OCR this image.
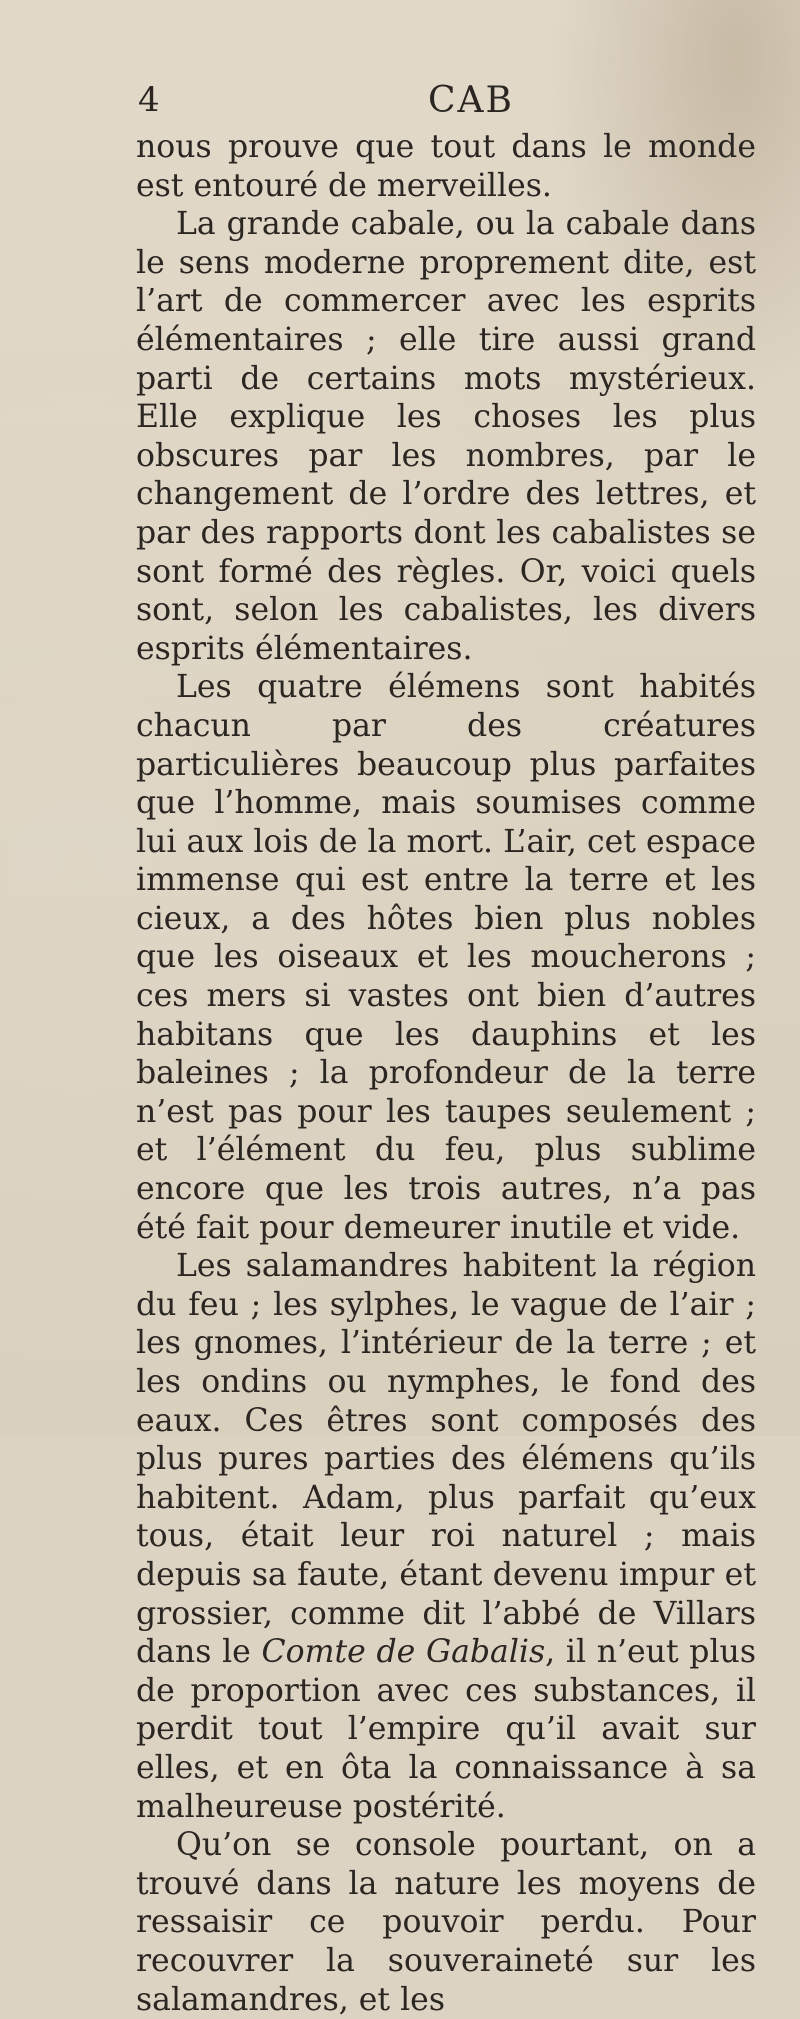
4	CAB

nous prouve que tout dans le monde est entouré de merveilles.

La grande cabale, ou la cabale dans le sens moderne proprement dite, est l’art de commercer avec les esprits élémentaires ; elle tire aussi grand parti de certains mots mystérieux. Elle explique les choses les plus obscures par les nombres, par le changement de l’ordre des lettres, et par des rapports dont les cabalistes se sont formé des règles. Or, voici quels sont, selon les cabalistes, les divers esprits élémentaires.

Les quatre élémens sont habités chacun par des créatures particulières beaucoup plus parfaites que l’homme, mais soumises comme lui aux lois de la mort. L’air, cet espace immense qui est entre la terre et les cieux, a des hôtes bien plus nobles que les oiseaux et les moucherons ; ces mers si vastes ont bien d’autres habitans que les dauphins et les baleines ; la profondeur de la terre n’est pas pour les taupes seulement ; et l’élément du feu, plus sublime encore que les trois autres, n’a pas été fait pour demeurer inutile et vide.

Les salamandres habitent la région du feu ; les sylphes, le vague de l’air ; les gnomes, l’intérieur de la terre ; et les ondins ou nymphes, le fond des eaux. Ces êtres sont composés des plus pures parties des élémens qu’ils habitent. Adam, plus parfait qu’eux tous, était leur roi naturel ; mais depuis sa faute, étant devenu impur et grossier, comme dit l’abbé de Villars dans le Comte de Gabalis, il n’eut plus de proportion avec ces substances, il perdit tout l’empire qu’il avait sur elles, et en ôta la connaissance à sa malheureuse postérité.

Qu’on se console pourtant, on a trouvé dans la nature les moyens de ressaisir ce pouvoir perdu. Pour recouvrer la souveraineté sur les salamandres, et les
